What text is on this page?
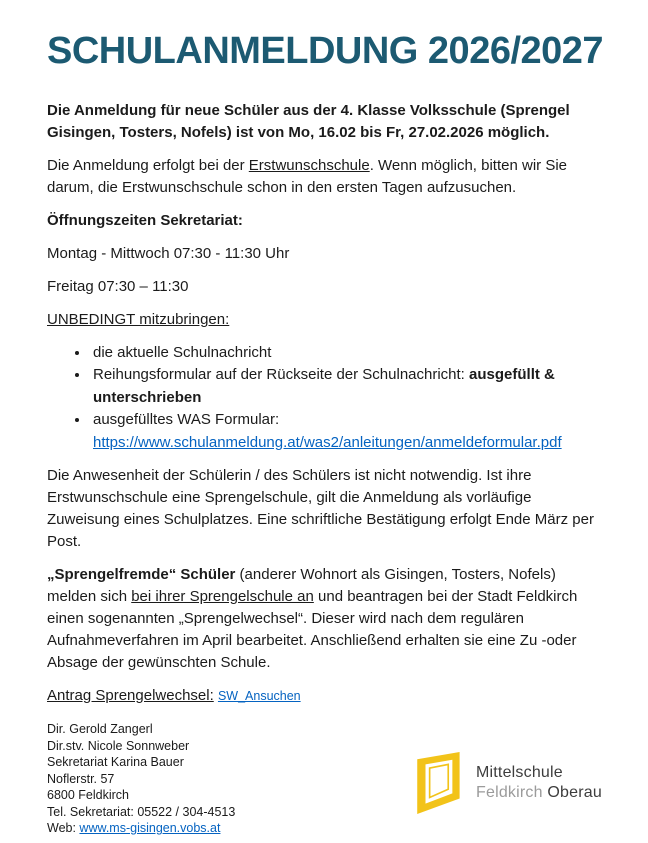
SCHULANMELDUNG 2026/2027

Die Anmeldung für neue Schüler aus der 4. Klasse Volksschule (Sprengel Gisingen, Tosters, Nofels) ist von Mo, 16.02 bis Fr, 27.02.2026 möglich.

Die Anmeldung erfolgt bei der Erstwunschschule. Wenn möglich, bitten wir Sie darum, die Erstwunschschule schon in den ersten Tagen aufzusuchen.

Öffnungszeiten Sekretariat:

Montag - Mittwoch 07:30 - 11:30 Uhr

Freitag 07:30 – 11:30

UNBEDINGT mitzubringen:

• die aktuelle Schulnachricht
• Reihungsformular auf der Rückseite der Schulnachricht: ausgefüllt & unterschrieben
• ausgefülltes WAS Formular:
https://www.schulanmeldung.at/was2/anleitungen/anmeldeformular.pdf

Die Anwesenheit der Schülerin / des Schülers ist nicht notwendig. Ist ihre Erstwunschschule eine Sprengelschule, gilt die Anmeldung als vorläufige Zuweisung eines Schulplatzes. Eine schriftliche Bestätigung erfolgt Ende März per Post.

„Sprengelfremde“ Schüler (anderer Wohnort als Gisingen, Tosters, Nofels) melden sich bei ihrer Sprengelschule an und beantragen bei der Stadt Feldkirch einen sogenannten „Sprengelwechsel“. Dieser wird nach dem regulären Aufnahmeverfahren im April bearbeitet. Anschließend erhalten sie eine Zu -oder Absage der gewünschten Schule.

Antrag Sprengelwechsel: SW_Ansuchen

Dir. Gerold Zangerl
Dir.stv. Nicole Sonnweber
Sekretariat Karina Bauer
Noflerstr. 57
6800 Feldkirch
Tel. Sekretariat: 05522 / 304-4513
Web: www.ms-gisingen.vobs.at

Mittelschule
Feldkirch Oberau
